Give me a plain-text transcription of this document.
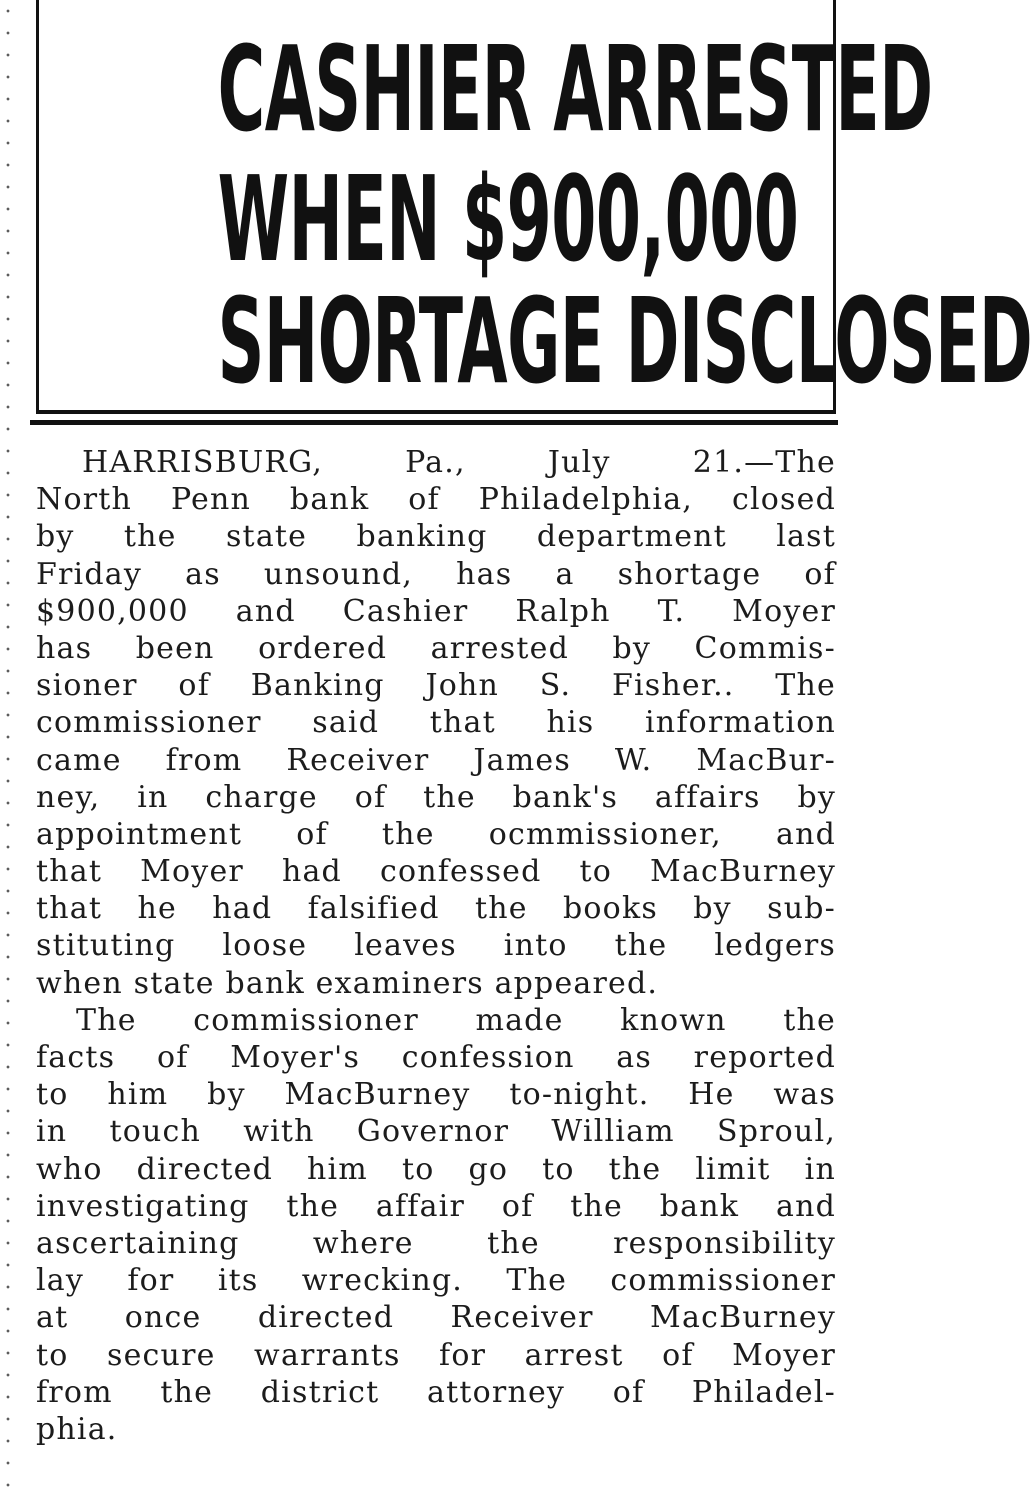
CASHIER ARRESTED
WHEN $900,000
SHORTAGE DISCLOSED
HARRISBURG, Pa., July 21.—The
North Penn bank of Philadelphia, closed
by the state banking department last
Friday as unsound, has a shortage of
$900,000 and Cashier Ralph T. Moyer
has been ordered arrested by Commis-
sioner of Banking John S. Fisher.. The
commissioner said that his information
came from Receiver James W. MacBur-
ney, in charge of the bank's affairs by
appointment of the ocmmissioner, and
that Moyer had confessed to MacBurney
that he had falsified the books by sub-
stituting loose leaves into the ledgers
when state bank examiners appeared.
The commissioner made known the
facts of Moyer's confession as reported
to him by MacBurney to-night. He was
in touch with Governor William Sproul,
who directed him to go to the limit in
investigating the affair of the bank and
ascertaining where the responsibility
lay for its wrecking. The commissioner
at once directed Receiver MacBurney
to secure warrants for arrest of Moyer
from the district attorney of Philadel-
phia.
